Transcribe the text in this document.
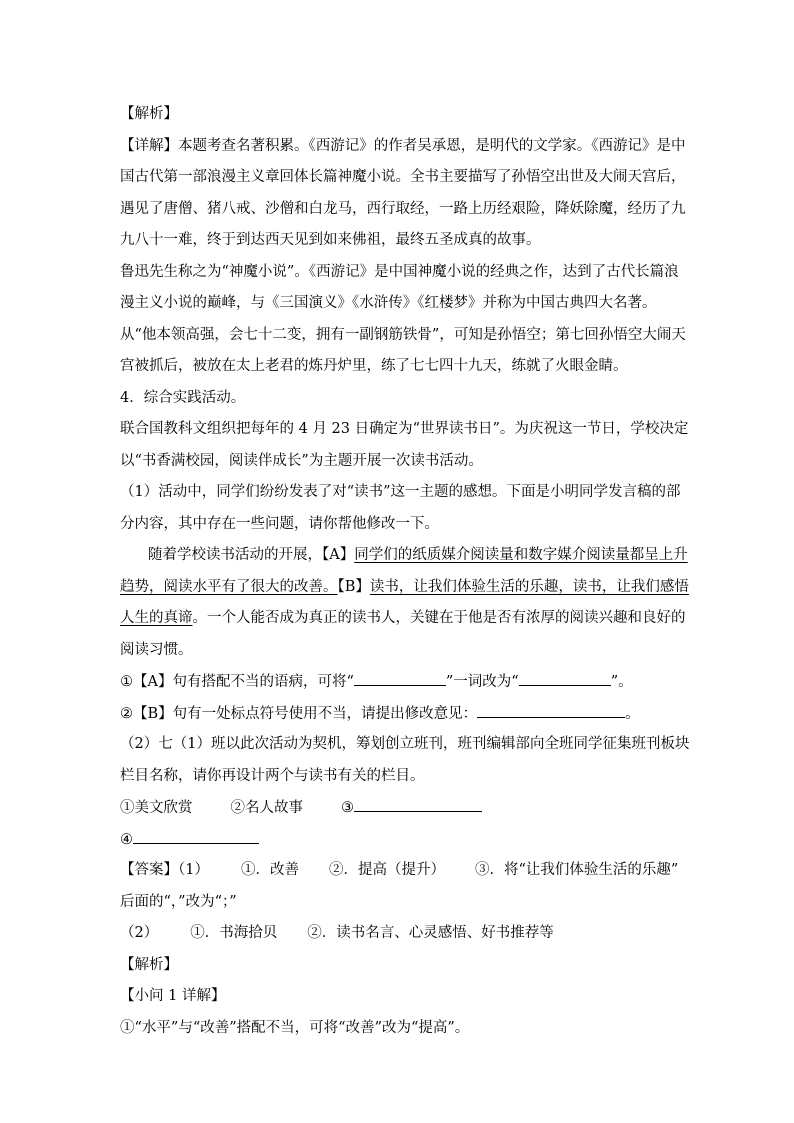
【解析】
【详解】本题考查名著积累。《西游记》的作者吴承恩，是明代的文学家。《西游记》是中
国古代第一部浪漫主义章回体长篇神魔小说。全书主要描写了孙悟空出世及大闹天宫后，
遇见了唐僧、猪八戒、沙僧和白龙马，西行取经，一路上历经艰险，降妖除魔，经历了九
九八十一难，终于到达西天见到如来佛祖，最终五圣成真的故事。
鲁迅先生称之为“神魔小说”。《西游记》是中国神魔小说的经典之作，达到了古代长篇浪
漫主义小说的巅峰，与《三国演义》《水浒传》《红楼梦》并称为中国古典四大名著。
从“他本领高强，会七十二变，拥有一副钢筋铁骨”，可知是孙悟空；第七回孙悟空大闹天
宫被抓后，被放在太上老君的炼丹炉里，练了七七四十九天，练就了火眼金睛。
4．综合实践活动。
联合国教科文组织把每年的 4 月 23 日确定为“世界读书日”。为庆祝这一节日，学校决定
以“书香满校园，阅读伴成长”为主题开展一次读书活动。
（1）活动中，同学们纷纷发表了对“读书”这一主题的感想。下面是小明同学发言稿的部
分内容，其中存在一些问题，请你帮他修改一下。
随着学校读书活动的开展，【A】同学们的纸质媒介阅读量和数字媒介阅读量都呈上升
趋势，阅读水平有了很大的改善。【B】读书，让我们体验生活的乐趣，读书，让我们感悟
人生的真谛。一个人能否成为真正的读书人，关键在于他是否有浓厚的阅读兴趣和良好的
阅读习惯。
①【A】句有搭配不当的语病，可将“	”一词改为“	”。
②【B】句有一处标点符号使用不当，请提出修改意见：	。
（2）七（1）班以此次活动为契机，筹划创立班刊，班刊编辑部向全班同学征集班刊板块
栏目名称，请你再设计两个与读书有关的栏目。
①美文欣赏	②名人故事	③
④
【答案】（1） ①．改善 ②．提高（提升） ③．将“让我们体验生活的乐趣”
后面的“，”改为“；”
（2） ①．书海拾贝 ②．读书名言、心灵感悟、好书推荐等
【解析】
【小问 1 详解】
①“水平”与“改善”搭配不当，可将“改善”改为“提高”。
